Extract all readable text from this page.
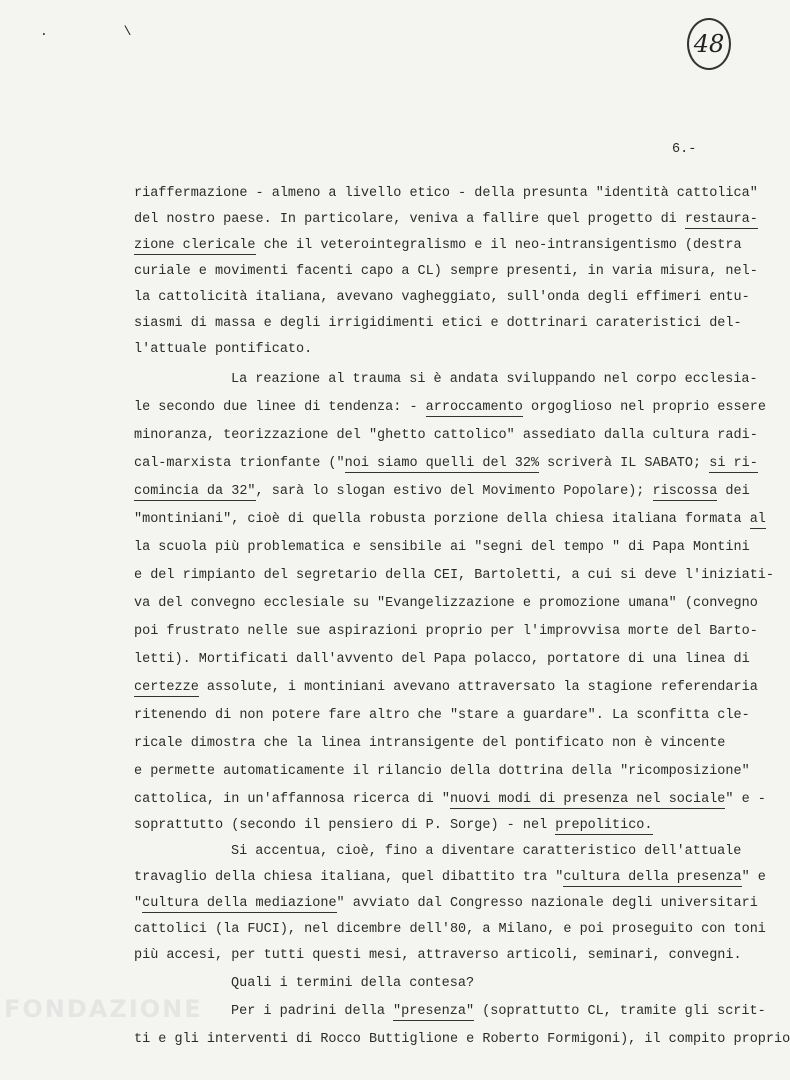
. \	48
6.-
riaffermazione - almeno a livello etico - della presunta "identità cattolica"
del nostro paese. In particolare, veniva a fallire quel progetto di restaura-
zione clericale che il veterointegralismo e il neo-intransigentismo (destra
curiale e movimenti facenti capo a CL) sempre presenti, in varia misura, nel-
la cattolicità italiana, avevano vagheggiato, sull'onda degli effimeri entu-
siasmi di massa e degli irrigidimenti etici e dottrinari carateristici del-
l'attuale pontificato.
La reazione al trauma si è andata sviluppando nel corpo ecclesia-
le secondo due linee di tendenza: - arroccamento orgoglioso nel proprio essere
minoranza, teorizzazione del "ghetto cattolico" assediato dalla cultura radi-
cal-marxista trionfante ("noi siamo quelli del 32% scriverà IL SABATO; si ri-
comincia da 32", sarà lo slogan estivo del Movimento Popolare); riscossa dei
"montiniani", cioè di quella robusta porzione della chiesa italiana formata al
la scuola più problematica e sensibile ai "segni del tempo " di Papa Montini
e del rimpianto del segretario della CEI, Bartoletti, a cui si deve l'iniziati-
va del convegno ecclesiale su "Evangelizzazione e promozione umana" (convegno
poi frustrato nelle sue aspirazioni proprio per l'improvvisa morte del Barto-
letti). Mortificati dall'avvento del Papa polacco, portatore di una linea di
certezze assolute, i montiniani avevano attraversato la stagione referendaria
ritenendo di non potere fare altro che "stare a guardare". La sconfitta cle-
ricale dimostra che la linea intransigente del pontificato non è vincente
e permette automaticamente il rilancio della dottrina della "ricomposizione"
cattolica, in un'affannosa ricerca di "nuovi modi di presenza nel sociale" e -
soprattutto (secondo il pensiero di P. Sorge) - nel prepolitico.
Si accentua, cioè, fino a diventare caratteristico dell'attuale
travaglio della chiesa italiana, quel dibattito tra "cultura della presenza" e
"cultura della mediazione" avviato dal Congresso nazionale degli universitari
cattolici (la FUCI), nel dicembre dell'80, a Milano, e poi proseguito con toni
più accesi, per tutti questi mesi, attraverso articoli, seminari, convegni.
Quali i termini della contesa?
Per i padrini della "presenza" (soprattutto CL, tramite gli scrit-
ti e gli interventi di Rocco Buttiglione e Roberto Formigoni), il compito proprio
FONDAZIONE
